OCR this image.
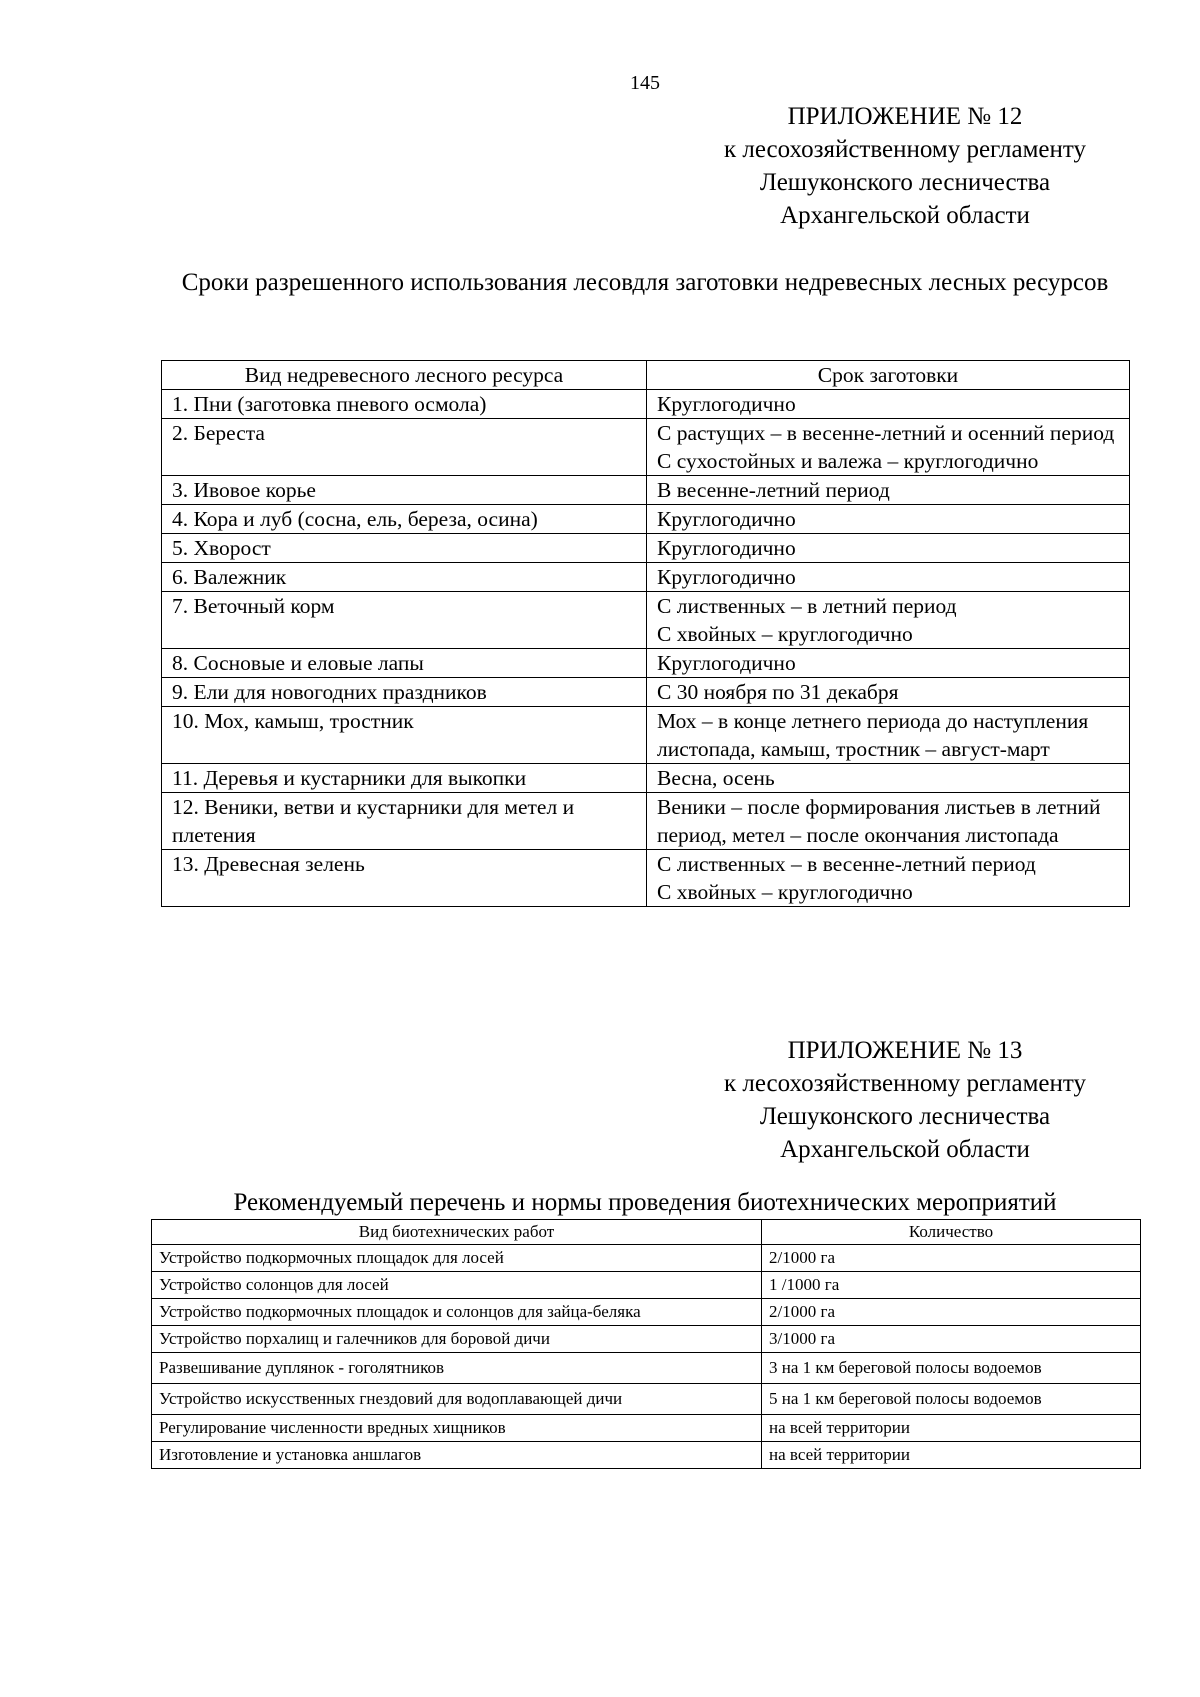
145
ПРИЛОЖЕНИЕ № 12
к лесохозяйственному регламенту
Лешуконского лесничества
Архангельской области
Сроки разрешенного использования лесовдля заготовки недревесных лесных ресурсов
Вид недревесного лесного ресурса	Срок заготовки
1. Пни (заготовка пневого осмола)	Круглогодично

2. Береста	С растущих – в весенне-летний и осенний период
С сухостойных и валежа – круглогодично

3. Ивовое корье	В весенне-летний период

4. Кора и луб (сосна, ель, береза, осина)	Круглогодично

5. Хворост	Круглогодично

6. Валежник	Круглогодично

7. Веточный корм	С лиственных – в летний период
С хвойных – круглогодично

8. Сосновые и еловые лапы	Круглогодично

9. Ели для новогодних праздников	С 30 ноября по 31 декабря

10. Мох, камыш, тростник	Мох – в конце летнего периода до наступления листопада, камыш, тростник – август-март

11. Деревья и кустарники для выкопки	Весна, осень

12. Веники, ветви и кустарники для метел и плетения	Веники – после формирования листьев в летний период, метел – после окончания листопада

13. Древесная зелень	С лиственных – в весенне-летний период
С хвойных – круглогодично
ПРИЛОЖЕНИЕ № 13
к лесохозяйственному регламенту
Лешуконского лесничества
Архангельской области
Рекомендуемый перечень и нормы проведения биотехнических мероприятий
Вид биотехнических работ	Количество
Устройство подкормочных площадок для лосей	2/1000 га
Устройство солонцов для лосей	1 /1000 га
Устройство подкормочных площадок и солонцов для зайца-беляка	2/1000 га
Устройство порхалищ и галечников для боровой дичи	3/1000 га
Развешивание дуплянок - гоголятников	3 на 1 км береговой полосы водоемов
Устройство искусственных гнездовий для водоплавающей дичи	5 на 1 км береговой полосы водоемов
Регулирование численности вредных хищников	на всей территории
Изготовление и установка аншлагов	на всей территории
